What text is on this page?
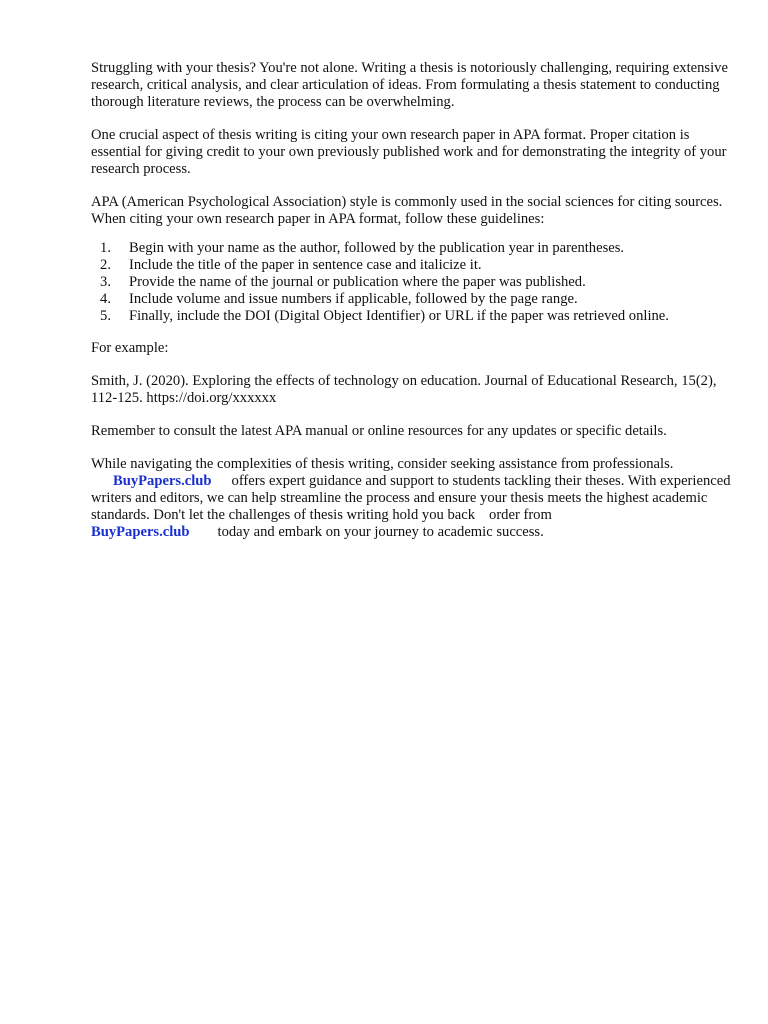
Struggling with your thesis? You're not alone. Writing a thesis is notoriously challenging, requiring extensive research, critical analysis, and clear articulation of ideas. From formulating a thesis statement to conducting thorough literature reviews, the process can be overwhelming.

One crucial aspect of thesis writing is citing your own research paper in APA format. Proper citation is essential for giving credit to your own previously published work and for demonstrating the integrity of your research process.

APA (American Psychological Association) style is commonly used in the social sciences for citing sources. When citing your own research paper in APA format, follow these guidelines:

1. Begin with your name as the author, followed by the publication year in parentheses.
2. Include the title of the paper in sentence case and italicize it.
3. Provide the name of the journal or publication where the paper was published.
4. Include volume and issue numbers if applicable, followed by the page range.
5. Finally, include the DOI (Digital Object Identifier) or URL if the paper was retrieved online.

For example:

Smith, J. (2020). Exploring the effects of technology on education. Journal of Educational Research, 15(2), 112-125. https://doi.org/xxxxxx

Remember to consult the latest APA manual or online resources for any updates or specific details.

While navigating the complexities of thesis writing, consider seeking assistance from professionals.
BuyPapers.club offers expert guidance and support to students tackling their theses. With experienced writers and editors, we can help streamline the process and ensure your thesis meets the highest academic standards. Don't let the challenges of thesis writing hold you back order from
BuyPapers.club today and embark on your journey to academic success.
